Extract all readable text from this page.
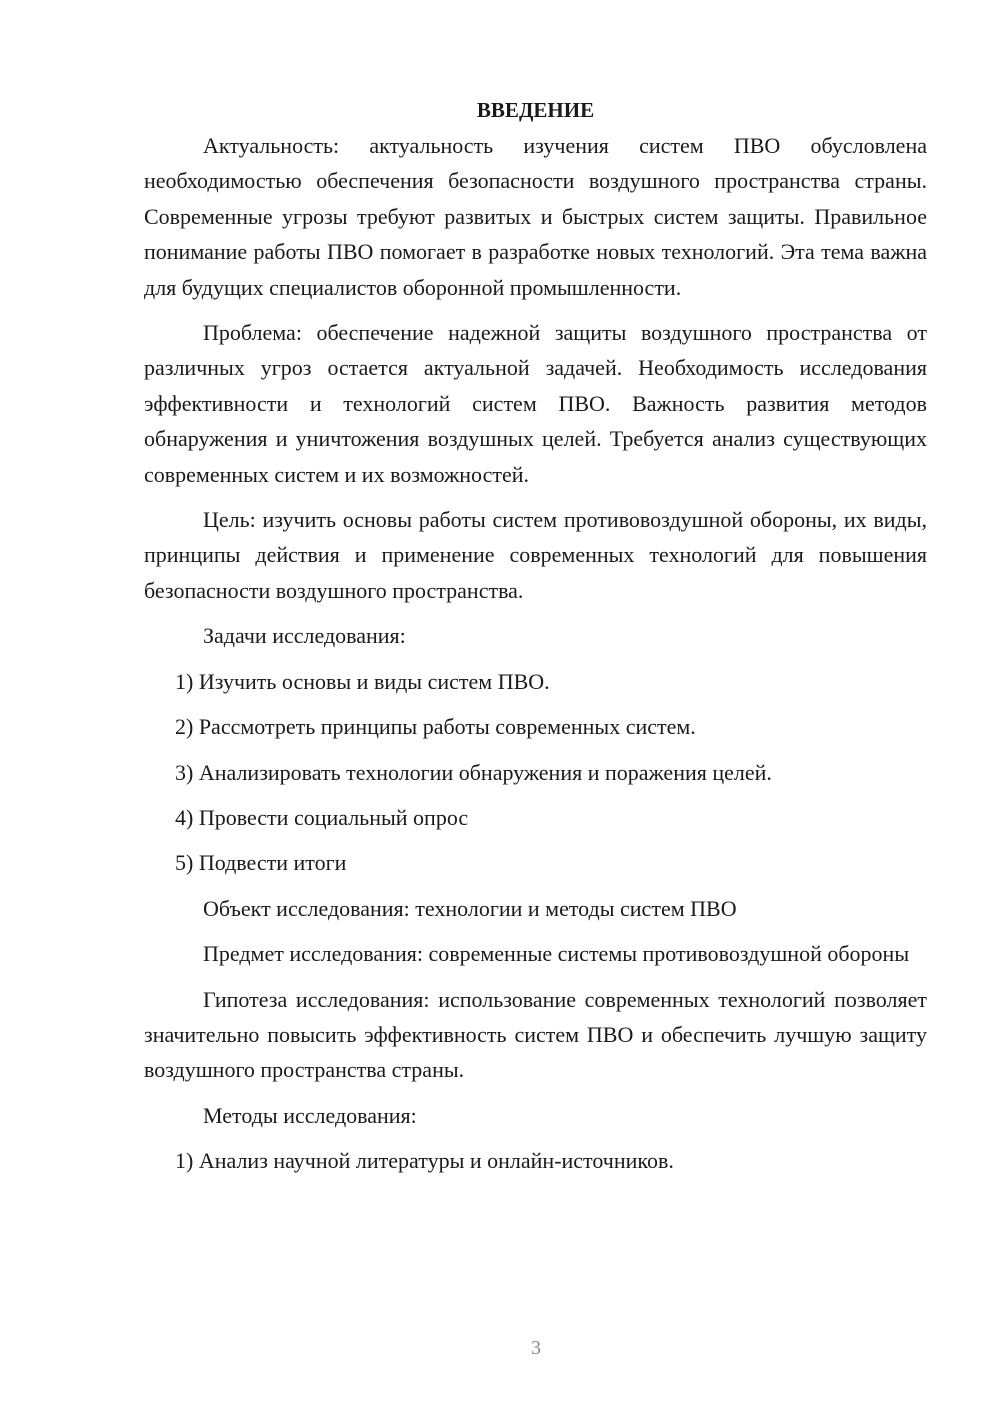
ВВЕДЕНИЕ

Актуальность: актуальность изучения систем ПВО обусловлена необходимостью обеспечения безопасности воздушного пространства страны. Современные угрозы требуют развитых и быстрых систем защиты. Правильное понимание работы ПВО помогает в разработке новых технологий. Эта тема важна для будущих специалистов оборонной промышленности.

Проблема: обеспечение надежной защиты воздушного пространства от различных угроз остается актуальной задачей. Необходимость исследования эффективности и технологий систем ПВО. Важность развития методов обнаружения и уничтожения воздушных целей. Требуется анализ существующих современных систем и их возможностей.

Цель: изучить основы работы систем противовоздушной обороны, их виды, принципы действия и применение современных технологий для повышения безопасности воздушного пространства.

Задачи исследования:

1) Изучить основы и виды систем ПВО.

2) Рассмотреть принципы работы современных систем.

3) Анализировать технологии обнаружения и поражения целей.

4) Провести социальный опрос

5) Подвести итоги

Объект исследования: технологии и методы систем ПВО

Предмет исследования: современные системы противовоздушной обороны

Гипотеза исследования: использование современных технологий позволяет значительно повысить эффективность систем ПВО и обеспечить лучшую защиту воздушного пространства страны.

Методы исследования:

1) Анализ научной литературы и онлайн-источников.

3
